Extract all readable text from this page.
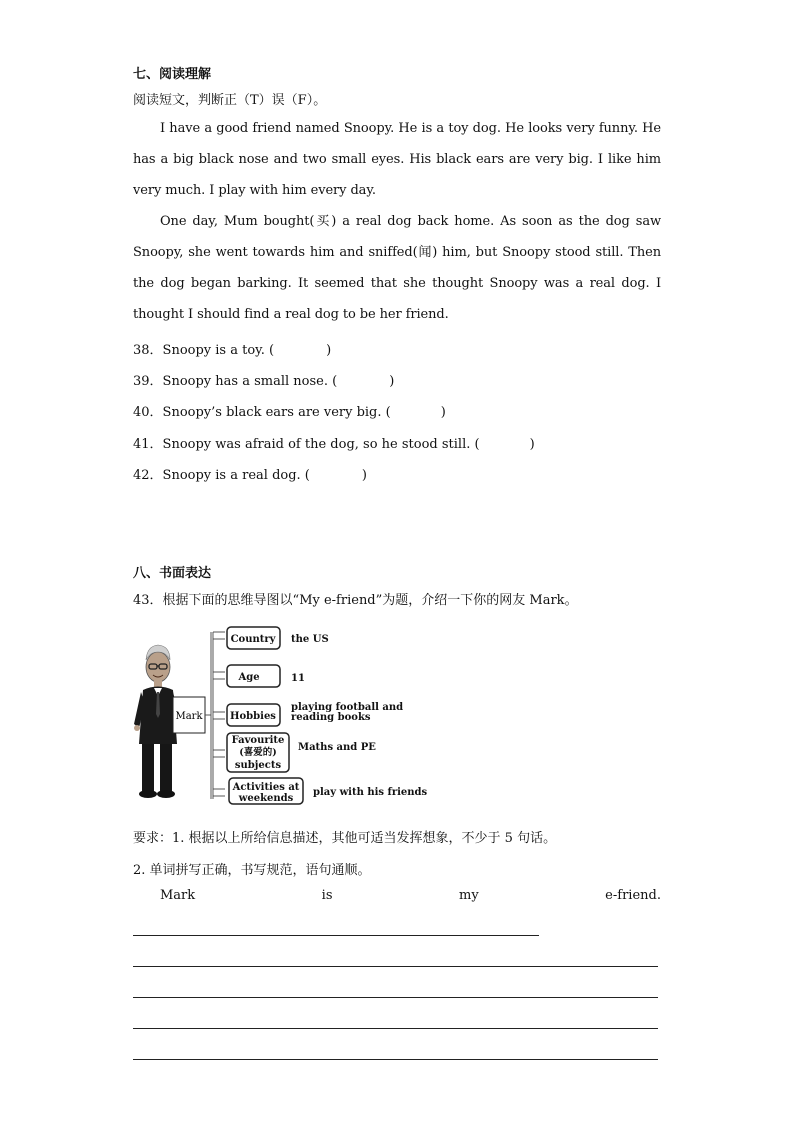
七、阅读理解
阅读短文，判断正（T）误（F）。
I have a good friend named Snoopy. He is a toy dog. He looks very funny. He has a big black nose and two small eyes. His black ears are very big. I like him very much. I play with him every day.
One day, Mum bought(买) a real dog back home. As soon as the dog saw Snoopy, she went towards him and sniffed(闻) him, but Snoopy stood still. Then the dog began barking. It seemed that she thought Snoopy was a real dog. I thought I should find a real dog to be her friend.
38．Snoopy is a toy. (	)
39．Snoopy has a small nose. (	)
40．Snoopy’s black ears are very big. (	)
41．Snoopy was afraid of the dog, so he stood still. (	)
42．Snoopy is a real dog. (	)
八、书面表达
43．根据下面的思维导图以“My e-friend”为题，介绍一下你的网友 Mark。
Mark
Country
Age
Hobbies
Favourite
(喜爱的)
subjects
Activities at
weekends
the US
11
playing football and
reading books
Maths and PE
play with his friends
要求：1. 根据以上所给信息描述，其他可适当发挥想象，不少于 5 句话。
2. 单词拼写正确，书写规范，语句通顺。
Mark	is	my	e-friend.
